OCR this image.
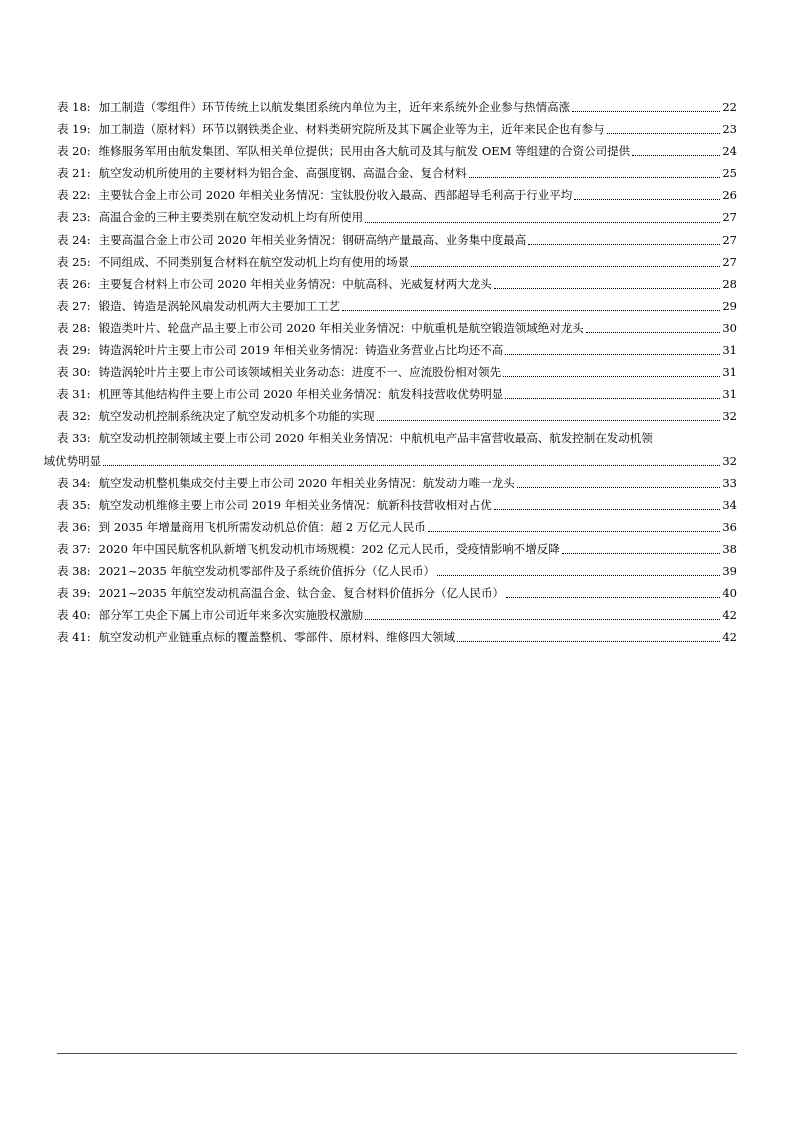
表 18: 加工制造（零组件）环节传统上以航发集团系统内单位为主，近年来系统外企业参与热情高涨	22
表 19: 加工制造（原材料）环节以钢铁类企业、材料类研究院所及其下属企业等为主，近年来民企也有参与	23
表 20: 维修服务军用由航发集团、军队相关单位提供；民用由各大航司及其与航发 OEM 等组建的合资公司提供	24
表 21: 航空发动机所使用的主要材料为铝合金、高强度钢、高温合金、复合材料	25
表 22: 主要钛合金上市公司 2020 年相关业务情况：宝钛股份收入最高、西部超导毛利高于行业平均	26
表 23: 高温合金的三种主要类别在航空发动机上均有所使用	27
表 24: 主要高温合金上市公司 2020 年相关业务情况：钢研高纳产量最高、业务集中度最高	27
表 25: 不同组成、不同类别复合材料在航空发动机上均有使用的场景	27
表 26: 主要复合材料上市公司 2020 年相关业务情况：中航高科、光威复材两大龙头	28
表 27: 锻造、铸造是涡轮风扇发动机两大主要加工工艺	29
表 28: 锻造类叶片、轮盘产品主要上市公司 2020 年相关业务情况：中航重机是航空锻造领域绝对龙头	30
表 29: 铸造涡轮叶片主要上市公司 2019 年相关业务情况：铸造业务营业占比均还不高	31
表 30: 铸造涡轮叶片主要上市公司该领域相关业务动态：进度不一、应流股份相对领先	31
表 31: 机匣等其他结构件主要上市公司 2020 年相关业务情况：航发科技营收优势明显	31
表 32: 航空发动机控制系统决定了航空发动机多个功能的实现	32
表 33: 航空发动机控制领域主要上市公司 2020 年相关业务情况：中航机电产品丰富营收最高、航发控制在发动机领
域优势明显	32
表 34: 航空发动机整机集成交付主要上市公司 2020 年相关业务情况：航发动力唯一龙头	33
表 35: 航空发动机维修主要上市公司 2019 年相关业务情况：航新科技营收相对占优	34
表 36: 到 2035 年增量商用飞机所需发动机总价值：超 2 万亿元人民币	36
表 37: 2020 年中国民航客机队新增飞机发动机市场规模：202 亿元人民币，受疫情影响不增反降	38
表 38: 2021~2035 年航空发动机零部件及子系统价值拆分（亿人民币）	39
表 39: 2021~2035 年航空发动机高温合金、钛合金、复合材料价值拆分（亿人民币）	40
表 40: 部分军工央企下属上市公司近年来多次实施股权激励	42
表 41: 航空发动机产业链重点标的覆盖整机、零部件、原材料、维修四大领域	42
